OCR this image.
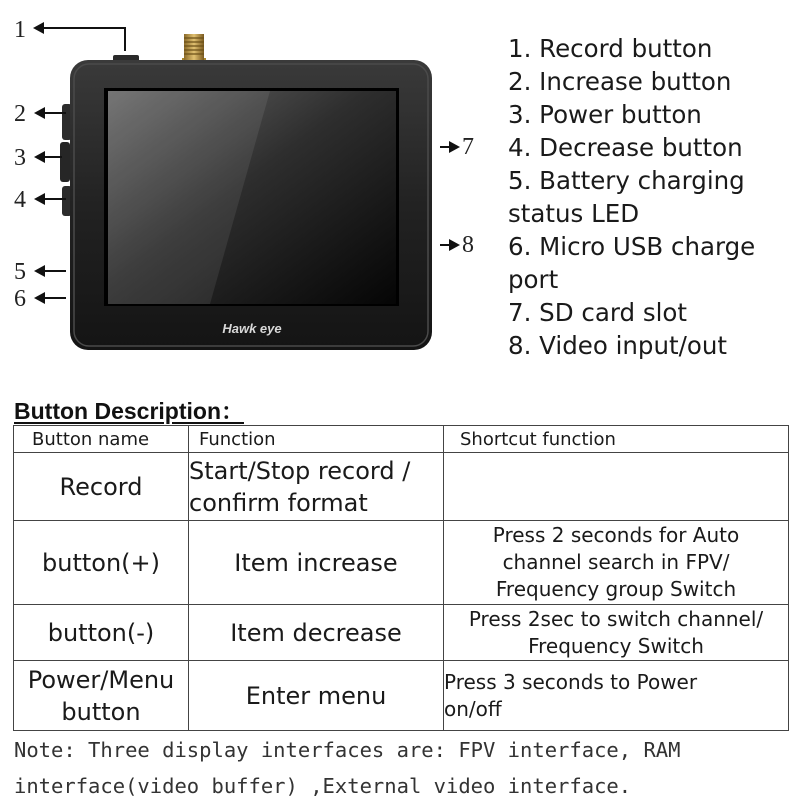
Hawk eye
1
2
3
4
5
6
7
8
1. Record button
2. Increase button
3. Power button
4. Decrease button
5. Battery charging status LED
6. Micro USB charge port
7. SD card slot
8. Video input/out
Button Description：
Button name	Function	Shortcut function
Record	Start/Stop record / confirm format	
button(+)	Item increase	Press 2 seconds for Auto channel search in FPV/ Frequency group Switch
button(-)	Item decrease	Press 2sec to switch channel/ Frequency Switch
Power/Menu button	Enter menu	Press 3 seconds to Power on/off

Note: Three display interfaces are: FPV interface, RAM interface(video buffer) ,External video interface.
